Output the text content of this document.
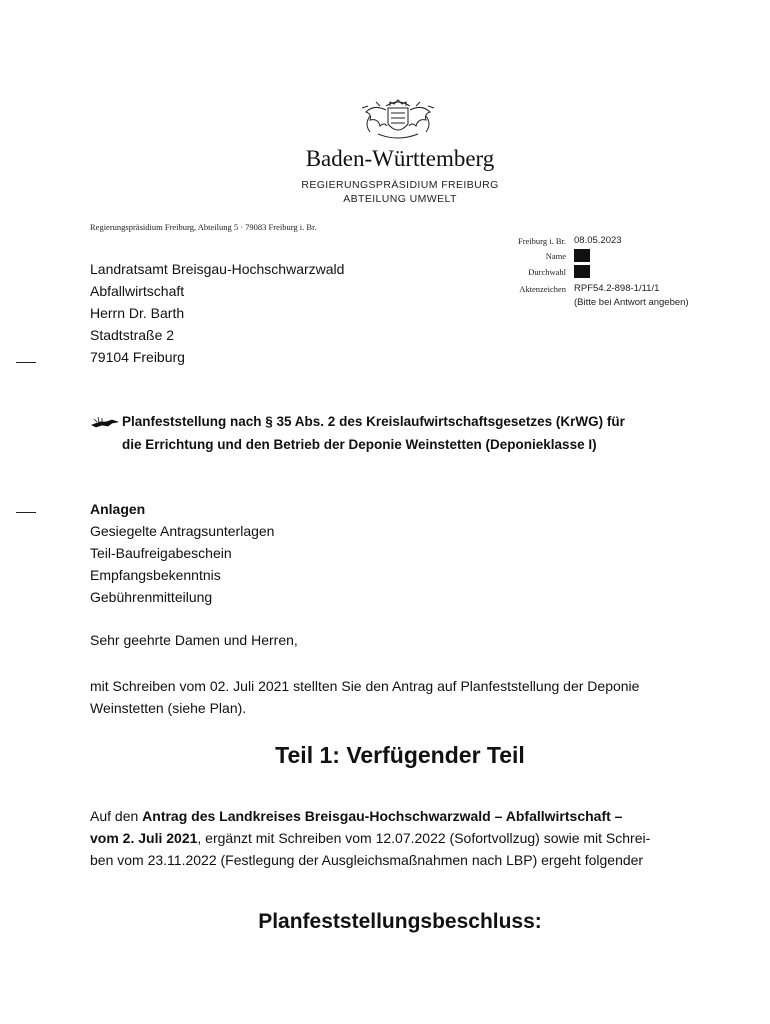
Baden-Württemberg
REGIERUNGSPRÄSIDIUM FREIBURG
ABTEILUNG UMWELT
Regierungspräsidium Freiburg, Abteilung 5 · 79083 Freiburg i. Br.
Freiburg i. Br. 08.05.2023
Name
Durchwahl
Aktenzeichen RPF54.2-898-1/11/1
(Bitte bei Antwort angeben)
Landratsamt Breisgau-Hochschwarzwald
Abfallwirtschaft
Herrn Dr. Barth
Stadtstraße 2
79104 Freiburg
Planfeststellung nach § 35 Abs. 2 des Kreislaufwirtschaftsgesetzes (KrWG) für
die Errichtung und den Betrieb der Deponie Weinstetten (Deponieklasse I)
Anlagen
Gesiegelte Antragsunterlagen
Teil-Baufreigabeschein
Empfangsbekenntnis
Gebührenmitteilung
Sehr geehrte Damen und Herren,
mit Schreiben vom 02. Juli 2021 stellten Sie den Antrag auf Planfeststellung der Deponie
Weinstetten (siehe Plan).
Teil 1: Verfügender Teil
Auf den Antrag des Landkreises Breisgau-Hochschwarzwald – Abfallwirtschaft –
vom 2. Juli 2021, ergänzt mit Schreiben vom 12.07.2022 (Sofortvollzug) sowie mit Schrei-
ben vom 23.11.2022 (Festlegung der Ausgleichsmaßnahmen nach LBP) ergeht folgender
Planfeststellungsbeschluss:
